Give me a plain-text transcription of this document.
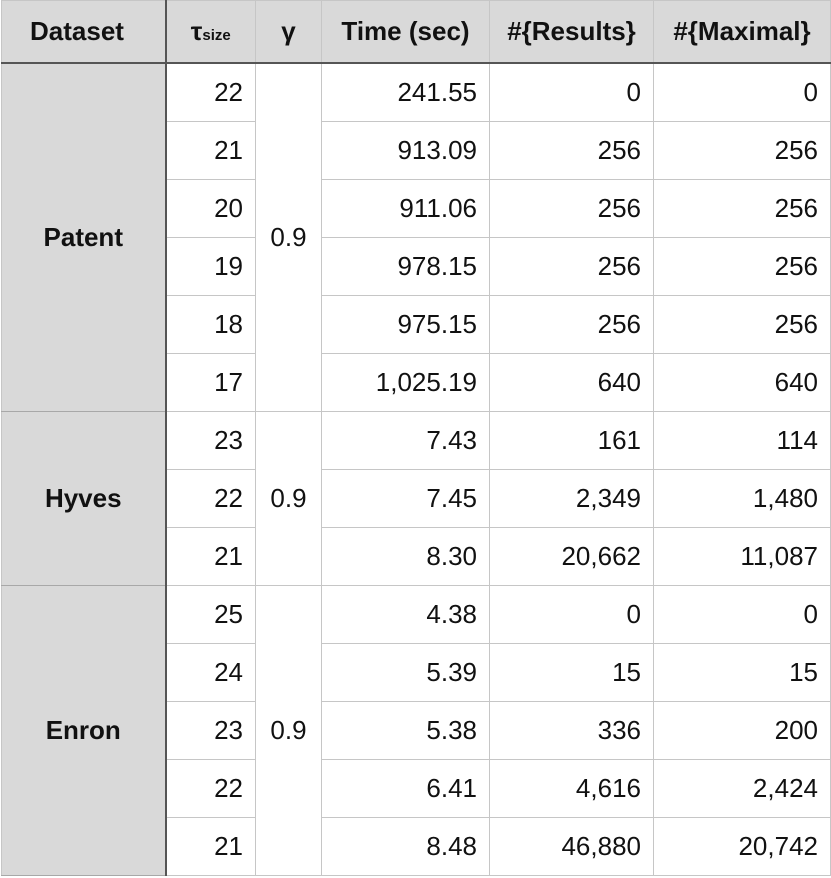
Dataset	τsize	γ	Time (sec)	#{Results}	#{Maximal}
Patent	22	0.9	241.55	0	0
	21		913.09	256	256
	20		911.06	256	256
	19		978.15	256	256
	18		975.15	256	256
	17		1,025.19	640	640
Hyves	23	0.9	7.43	161	114
	22		7.45	2,349	1,480
	21		8.30	20,662	11,087
Enron	25	0.9	4.38	0	0
	24		5.39	15	15
	23		5.38	336	200
	22		6.41	4,616	2,424
	21		8.48	46,880	20,742
